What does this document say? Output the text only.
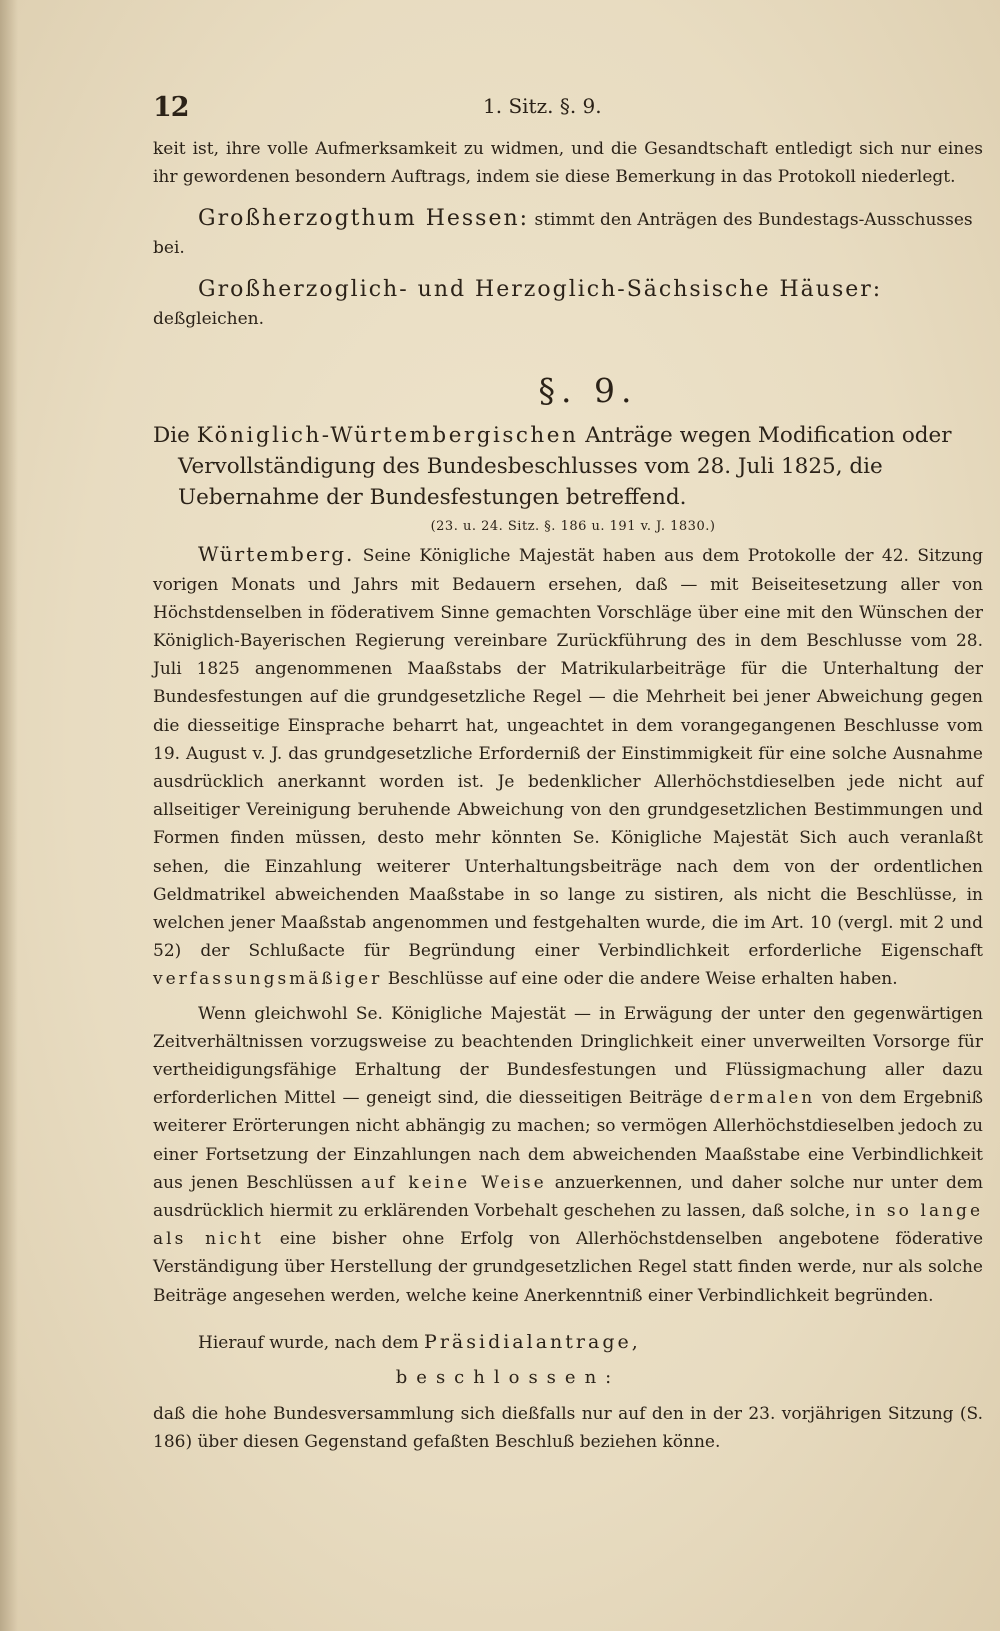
12	1. Sitz. §. 9.

keit ist, ihre volle Aufmerksamkeit zu widmen, und die Gesandtschaft entledigt sich nur eines ihr gewordenen besondern Auftrags, indem sie diese Bemerkung in das Protokoll niederlegt.

Großherzogthum Hessen: stimmt den Anträgen des Bundestags-Ausschusses bei.

Großherzoglich- und Herzoglich-Sächsische Häuser: deßgleichen.

§. 9.

Die Königlich-Würtembergischen Anträge wegen Modification oder Vervollständigung des Bundesbeschlusses vom 28. Juli 1825, die Uebernahme der Bundesfestungen betreffend.

(23. u. 24. Sitz. §. 186 u. 191 v. J. 1830.)

Würtemberg. Seine Königliche Majestät haben aus dem Protokolle der 42. Sitzung vorigen Monats und Jahrs mit Bedauern ersehen, daß — mit Beiseitesetzung aller von Höchstdenselben in föderativem Sinne gemachten Vorschläge über eine mit den Wünschen der Königlich-Bayerischen Regierung vereinbare Zurückführung des in dem Beschlusse vom 28. Juli 1825 angenommenen Maaßstabs der Matrikularbeiträge für die Unterhaltung der Bundesfestungen auf die grundgesetzliche Regel — die Mehrheit bei jener Abweichung gegen die diesseitige Einsprache beharrt hat, ungeachtet in dem vorangegangenen Beschlusse vom 19. August v. J. das grundgesetzliche Erforderniß der Einstimmigkeit für eine solche Ausnahme ausdrücklich anerkannt worden ist. Je bedenklicher Allerhöchstdieselben jede nicht auf allseitiger Vereinigung beruhende Abweichung von den grundgesetzlichen Bestimmungen und Formen finden müssen, desto mehr könnten Se. Königliche Majestät Sich auch veranlaßt sehen, die Einzahlung weiterer Unterhaltungsbeiträge nach dem von der ordentlichen Geldmatrikel abweichenden Maaßstabe in so lange zu sistiren, als nicht die Beschlüsse, in welchen jener Maaßstab angenommen und festgehalten wurde, die im Art. 10 (vergl. mit 2 und 52) der Schlußacte für Begründung einer Verbindlichkeit erforderliche Eigenschaft verfassungsmäßiger Beschlüsse auf eine oder die andere Weise erhalten haben.

Wenn gleichwohl Se. Königliche Majestät — in Erwägung der unter den gegenwärtigen Zeitverhältnissen vorzugsweise zu beachtenden Dringlichkeit einer unverweilten Vorsorge für vertheidigungsfähige Erhaltung der Bundesfestungen und Flüssigmachung aller dazu erforderlichen Mittel — geneigt sind, die diesseitigen Beiträge dermalen von dem Ergebniß weiterer Erörterungen nicht abhängig zu machen; so vermögen Allerhöchstdieselben jedoch zu einer Fortsetzung der Einzahlungen nach dem abweichenden Maaßstabe eine Verbindlichkeit aus jenen Beschlüssen auf keine Weise anzuerkennen, und daher solche nur unter dem ausdrücklich hiermit zu erklärenden Vorbehalt geschehen zu lassen, daß solche, in so lange als nicht eine bisher ohne Erfolg von Allerhöchstdenselben angebotene föderative Verständigung über Herstellung der grundgesetzlichen Regel statt finden werde, nur als solche Beiträge angesehen werden, welche keine Anerkenntniß einer Verbindlichkeit begründen.

Hierauf wurde, nach dem Präsidialantrage,

beschlossen:

daß die hohe Bundesversammlung sich dießfalls nur auf den in der 23. vorjährigen Sitzung (S. 186) über diesen Gegenstand gefaßten Beschluß beziehen könne.
